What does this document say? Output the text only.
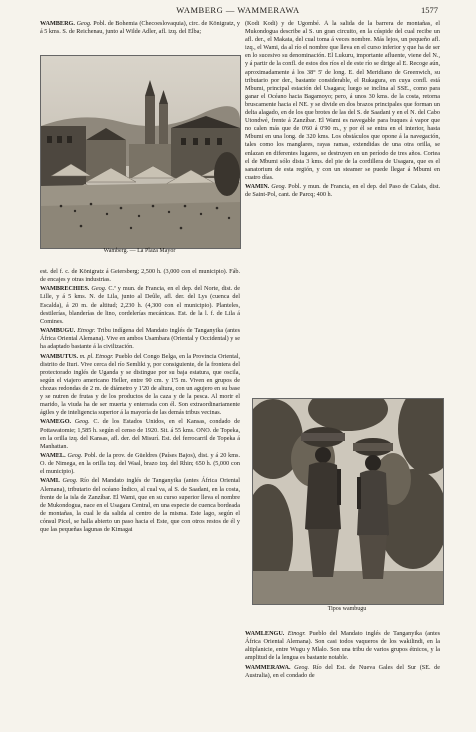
WAMBERG — WAMMERAWA	1577

WAMBERG. Geog. Pobl. de Bohemia (Checoeslovaquia), circ. de Königratz, y á 5 kms. S. de Reichenau, junto al Wilde Adler, afl. izq. del Elba;

Wamberg. — La Plaza Mayor

est. del f. c. de Königratz á Geiersberg; 2,500 h. (3,000 con el municipio). Fáb. de encajes y otras industrias.

WAMBRECHIES. Geog. C.ª y mun. de Francia, en el dep. del Norte, dist. de Lille, y á 5 kms. N. de Lila, junto al Deûle, afl. der. del Lys (cuenca del Escalda), á 20 m. de altitud; 2,230 h. (4,300 con el municipio). Planteles, destilerías, blanderías de lino, cordelerías mecánicas. Est. de la l. f. de Lila á Comines.

WAMBUGU. Etnogr. Tribu indígena del Mandato inglés de Tanganyika (antes África Oriental Alemana). Vive en ambos Usambara (Oriental y Occidental) y se ha adaptado bastante á la civilización.

WAMBUTUS. m. pl. Etnogr. Pueblo del Congo Belga, en la Provincia Oriental, distrito de Ituri. Vive cerca del río Semliki y, por consiguiente, de la frontera del protectorado inglés de Uganda y se distingue por su baja estatura, que oscila, según el viajero americano Heller, entre 90 cm. y 1'5 m. Viven en grupos de chozas redondas de 2 m. de diámetro y 1'20 de altura, con un agujero en su base y se nutren de frutas y de los productos de la caza y de la pesca. Al morir el marido, la viuda ha de ser muerta y enterrada con él. Son extraordinariamente ágiles y de inteligencia superior á la mayoría de las demás tribus vecinas.

WAMEGO. Geog. C. de los Estados Unidos, en el Kansas, condado de Pottawatomie; 1,585 h. según el censo de 1920. Sit. á 55 kms. ONO. de Topeka, en la orilla izq. del Kansas, afl. der. del Misurí. Est. del ferrocarril de Topeka á Manhattan.

WAMEL. Geog. Pobl. de la prov. de Güeldres (Países Bajos), dist. y á 20 kms. O. de Nimega, en la orilla izq. del Waal, brazo izq. del Rhin; 650 h. (5,000 con el municipio).

WAMI. Geog. Río del Mandato inglés de Tanganyika (antes África Oriental Alemana), tributario del océano Índico, al cual va, al S. de Saadani, en la costa, frente de la isla de Zanzíbar. El Wami, que en su curso superior lleva el nombre de Mukondogua, nace en el Usagara Central, en una especie de cuenca bordeada de montañas, la cual le da salida al centro de la misma. Este lago, según el cónsul Picel, se halla abierto un paso hacia el Este, que con otros restos de él y que las pequeñas lagunas de Kimagai

(Kodi Kodi) y de Ugombé. Á la salida de la barrera de montañas, el Mukondogua describe al S. un gran circuito, en la cúspide del cual recibe un afl. der., el Makata, del cual toma á veces nombre. Más lejos, un pequeño afl. izq., el Wami, da al río el nombre que lleva en el curso inferior y que ha de ser en lo sucesivo su denominación. El Lukuru, importante afluente, viene del N., y á partir de la confl. de estos dos ríos el de este río se dirige al E. Recoge aún, aproximadamente á los 38° 5' de long. E. del Meridiano de Greenwich, su tributario por der., bastante considerable, el Rukagura, en cuya confl. está Mbumi, principal estación del Usagara; luego se inclina al SSE., como para ganar el Océano hacia Bagamoyo; pero, á unos 30 kms. de la costa, retorna bruscamente hacia el NE. y se divide en dos brazos principales que forman un delta alagado, en de los que brotes de las del S. de Saadani y en el N. del Cabo Utondwé, frente á Zanzíbar. El Wami es navegable para buques á vapor que no calen más que de 0'60 á 0'90 m., y por él se entra en el interior, hasta Mbumi en una long. de 320 kms. Los obstáculos que opone á la navegación, tales como los manglares, rayas ramas, extendidas de una otra orilla, se enlazan en diferentes lugares, se destruyen en un período de tres años. Cortea el de Mbumi sólo dista 3 kms. del pie de la cordillera de Usagara, que es el sanatorium de esta región, y con un steamer se puede llegar á Mbumi en cuatro días.

WAMIN. Geog. Pobl. y mun. de Francia, en el dep. del Paso de Calais, dist. de Saint-Pol, cant. de Parcq; 400 h.

Tipos wambugu

WAMLENGU. Etnogr. Pueblo del Mandato inglés de Tanganyika (antes África Oriental Alemana). Son casi todos vaqueros de los wakilindi, en la altiplanicie, entre Wugu y Mlalo. Son una tribu de varios grupos étnicos, y la amplitud de la lengua es bastante notable.

WAMMERAWA. Geog. Río del Est. de Nueva Gales del Sur (SE. de Australia), en el condado de
